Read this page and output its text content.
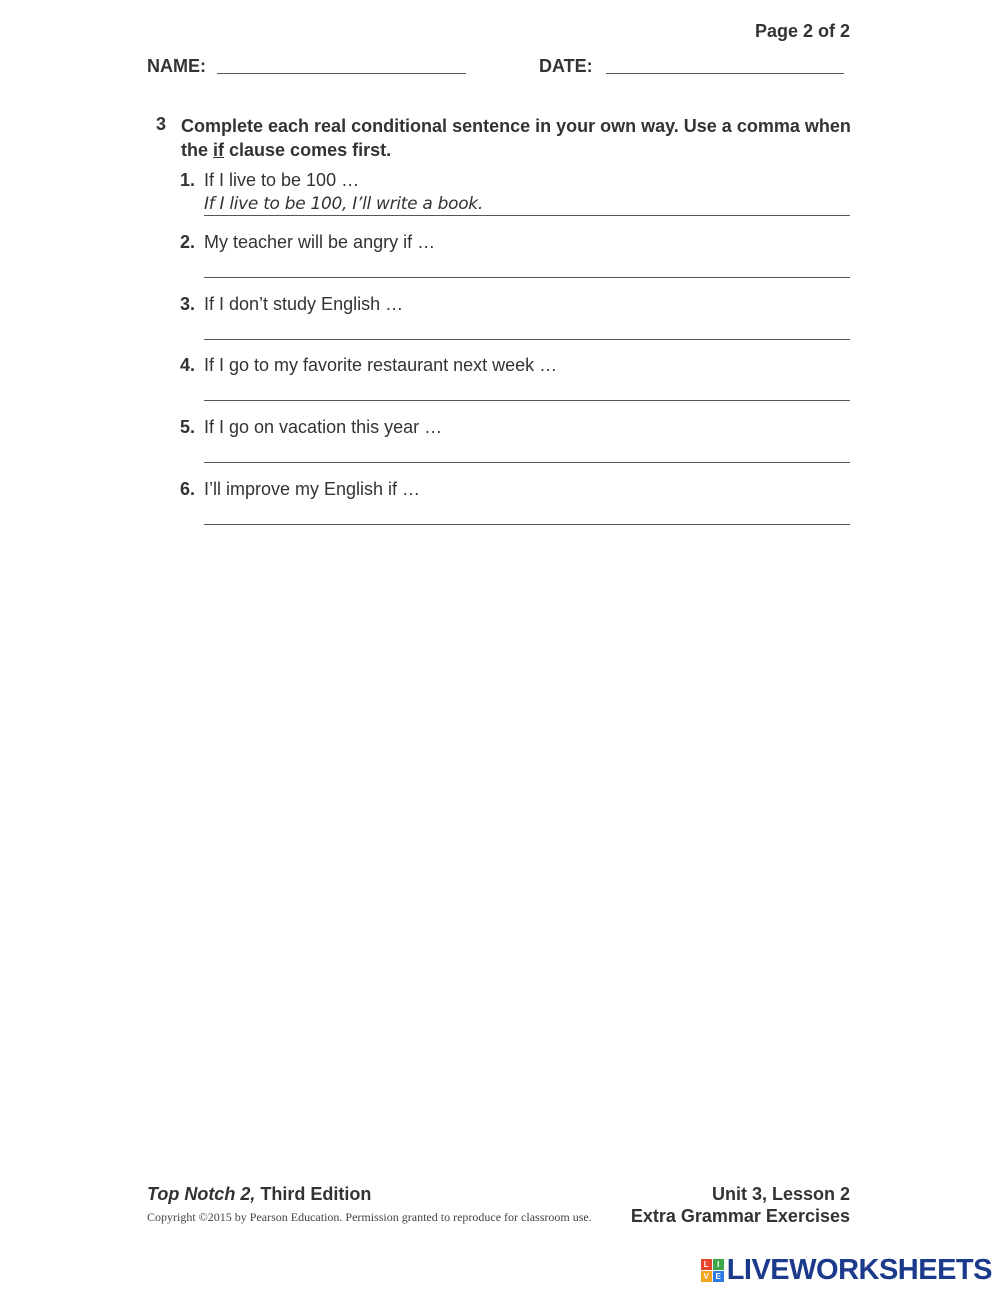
Page 2 of 2
NAME:	DATE:
3 Complete each real conditional sentence in your own way. Use a comma when the if clause comes first.
1. If I live to be 100 …
If I live to be 100, I’ll write a book.
2. My teacher will be angry if …
3. If I don’t study English …
4. If I go to my favorite restaurant next week …
5. If I go on vacation this year …
6. I’ll improve my English if …
Top Notch 2, Third Edition
Copyright ©2015 by Pearson Education. Permission granted to reproduce for classroom use.
Unit 3, Lesson 2
Extra Grammar Exercises
L	I
V E LIVEWORKSHEETS
